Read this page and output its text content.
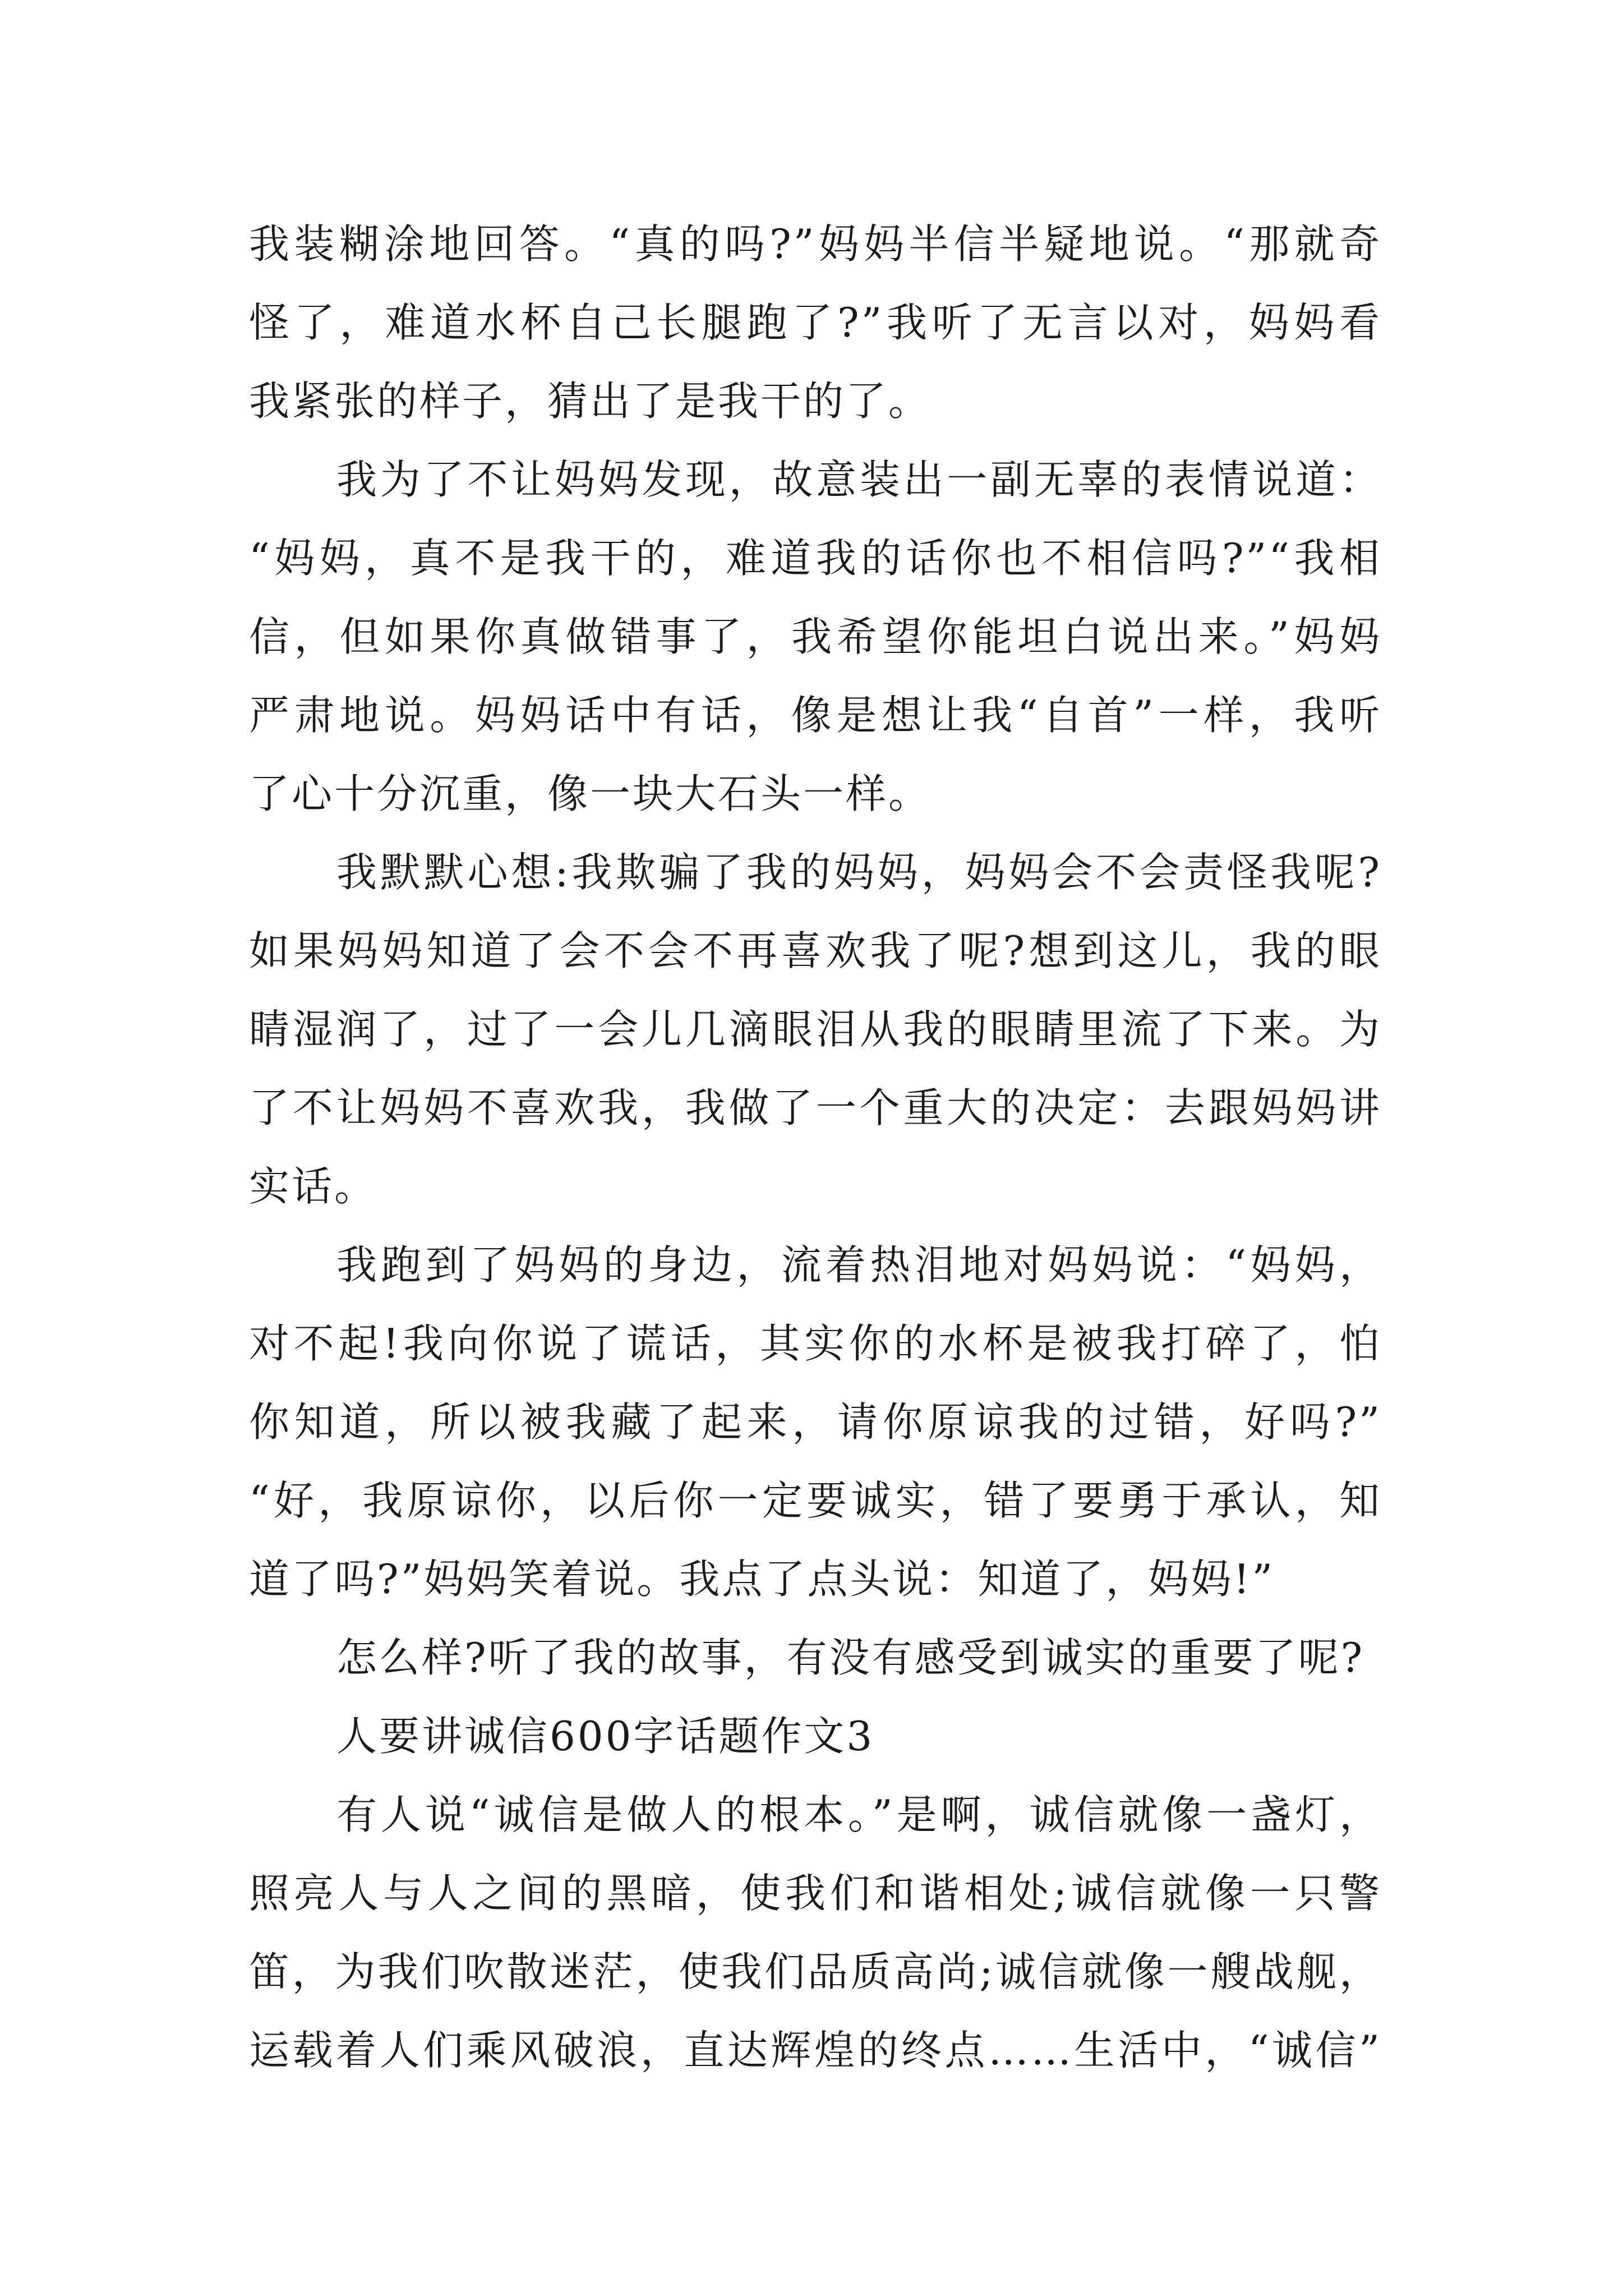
我装糊涂地回答。“真的吗?”妈妈半信半疑地说。“那就奇
怪了，难道水杯自己长腿跑了?”我听了无言以对，妈妈看
我紧张的样子，猜出了是我干的了。
我为了不让妈妈发现，故意装出一副无辜的表情说道：
“妈妈，真不是我干的，难道我的话你也不相信吗?”“我相
信，但如果你真做错事了，我希望你能坦白说出来。”妈妈
严肃地说。妈妈话中有话，像是想让我“自首”一样，我听
了心十分沉重，像一块大石头一样。
我默默心想:我欺骗了我的妈妈，妈妈会不会责怪我呢?
如果妈妈知道了会不会不再喜欢我了呢?想到这儿，我的眼
睛湿润了，过了一会儿几滴眼泪从我的眼睛里流了下来。为
了不让妈妈不喜欢我，我做了一个重大的决定：去跟妈妈讲
实话。
我跑到了妈妈的身边，流着热泪地对妈妈说：“妈妈，
对不起!我向你说了谎话，其实你的水杯是被我打碎了，怕
你知道，所以被我藏了起来，请你原谅我的过错，好吗?”
“好，我原谅你，以后你一定要诚实，错了要勇于承认，知
道了吗?”妈妈笑着说。我点了点头说：知道了，妈妈!”
怎么样?听了我的故事，有没有感受到诚实的重要了呢?
人要讲诚信600字话题作文3
有人说“诚信是做人的根本。”是啊，诚信就像一盏灯，
照亮人与人之间的黑暗，使我们和谐相处;诚信就像一只警
笛，为我们吹散迷茫，使我们品质高尚;诚信就像一艘战舰，
运载着人们乘风破浪，直达辉煌的终点……生活中，“诚信”
